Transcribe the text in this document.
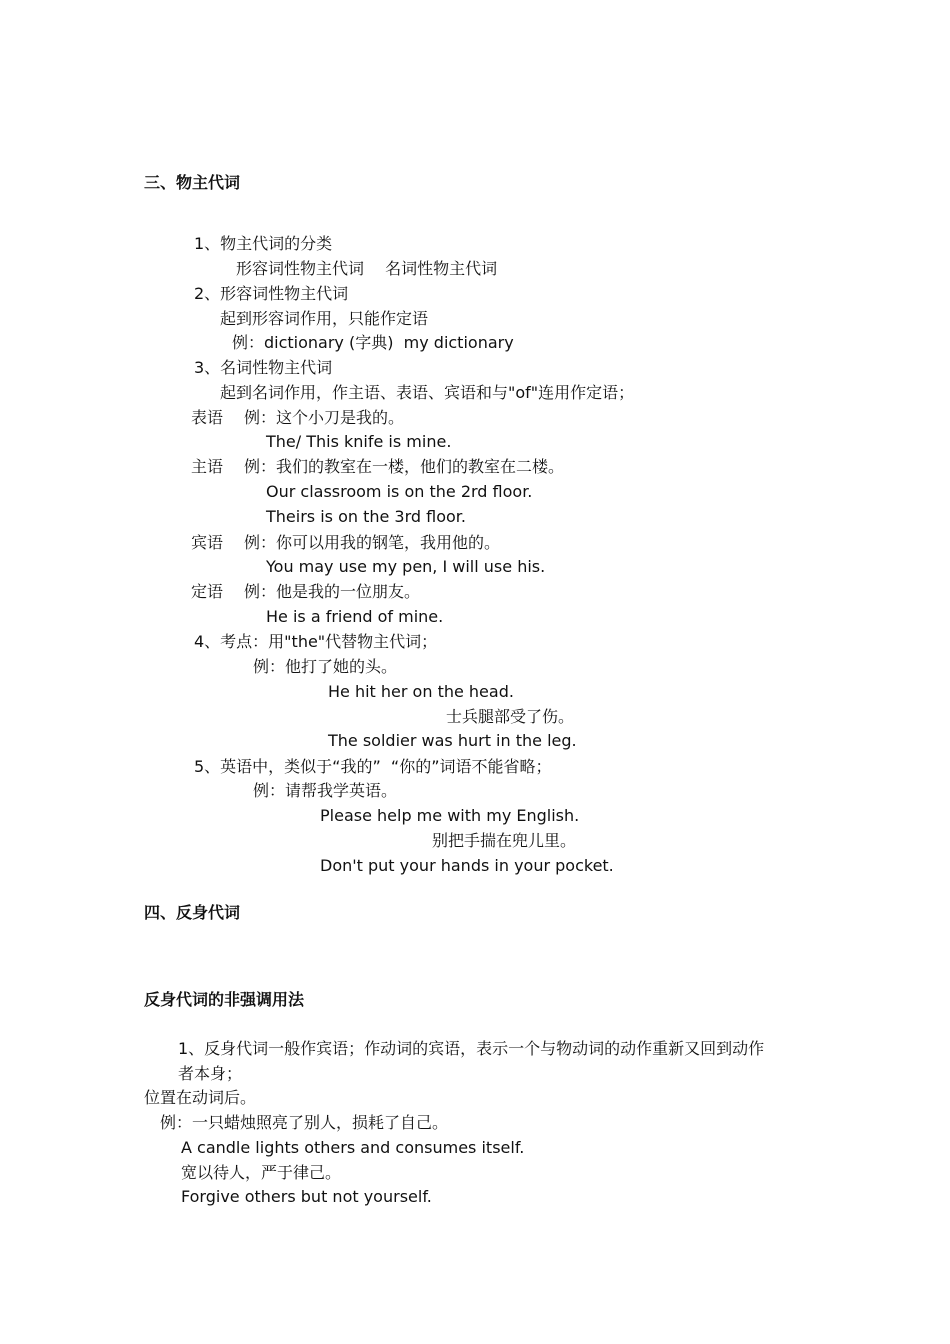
三、物主代词
1、物主代词的分类
形容词性物主代词　 名词性物主代词
2、形容词性物主代词
起到形容词作用，只能作定语
例：dictionary (字典)  my dictionary
3、名词性物主代词
起到名词作用，作主语、表语、宾语和与"of"连用作定语；
表语 例：这个小刀是我的。
The/ This knife is mine.
主语 例：我们的教室在一楼，他们的教室在二楼。
Our classroom is on the 2rd floor.
Theirs is on the 3rd floor.
宾语 例：你可以用我的钢笔，我用他的。
You may use my pen, I will use his.
定语 例：他是我的一位朋友。
He is a friend of mine.
4、考点：用"the"代替物主代词；
例：他打了她的头。
He hit her on the head.
士兵腿部受了伤。
The soldier was hurt in the leg.
5、英语中，类似于“我的”  “你的”词语不能省略；
例：请帮我学英语。
Please help me with my English.
别把手揣在兜儿里。
Don't put your hands in your pocket.
四、反身代词
反身代词的非强调用法
1、反身代词一般作宾语；作动词的宾语，表示一个与物动词的动作重新又回到动作
者本身；
位置在动词后。
例：一只蜡烛照亮了别人，损耗了自己。
A candle lights others and consumes itself.
宽以待人，严于律己。
Forgive others but not yourself.
